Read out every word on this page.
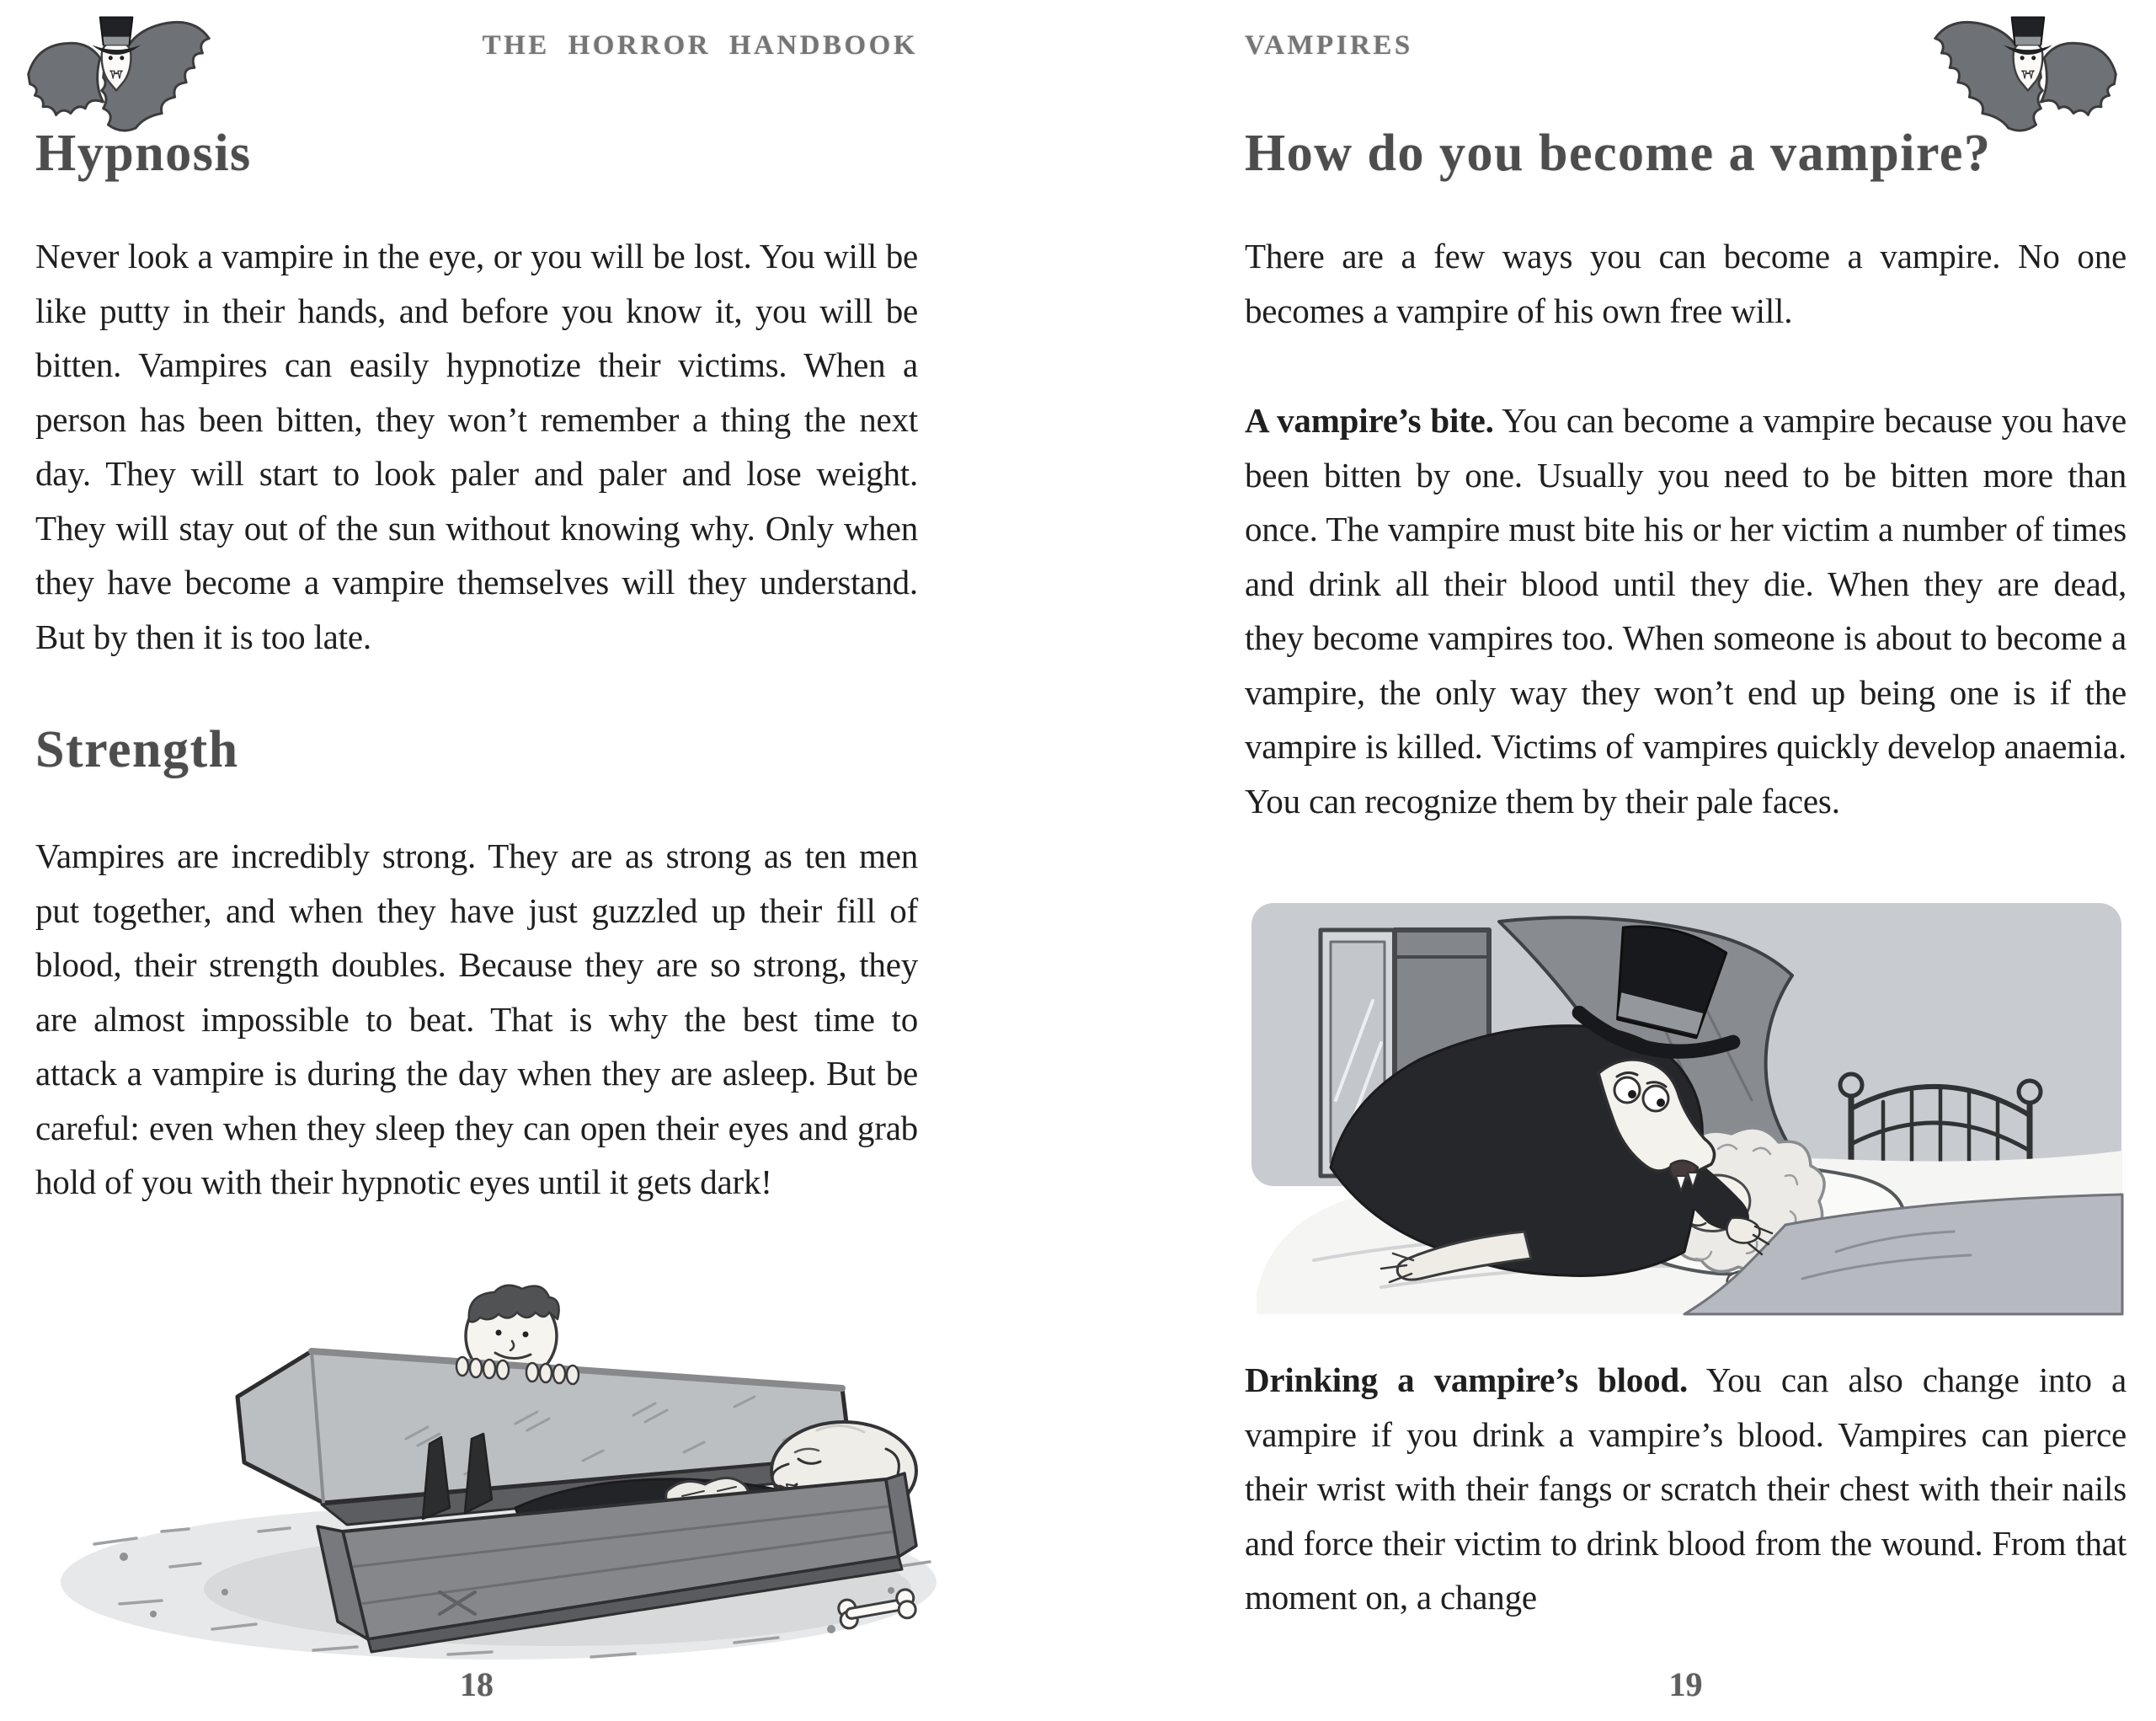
THE HORROR HANDBOOK
Hypnosis

Never look a vampire in the eye, or you will be lost. You will be like putty in their hands, and before you know it, you will be bitten. Vampires can easily hypnotize their victims. When a person has been bitten, they won’t remember a thing the next day. They will start to look paler and paler and lose weight. They will stay out of the sun without knowing why. Only when they have become a vampire themselves will they understand. But by then it is too late.

Strength

Vampires are incredibly strong. They are as strong as ten men put together, and when they have just guzzled up their fill of blood, their strength doubles. Because they are so strong, they are almost impossible to beat. That is why the best time to attack a vampire is during the day when they are asleep. But be careful: even when they sleep they can open their eyes and grab hold of you with their hypnotic eyes until it gets dark!

18
VAMPIRES
How do you become a vampire?

There are a few ways you can become a vampire. No one becomes a vampire of his own free will.

A vampire’s bite. You can become a vampire because you have been bitten by one. Usually you need to be bitten more than once. The vampire must bite his or her victim a number of times and drink all their blood until they die. When they are dead, they become vampires too. When someone is about to become a vampire, the only way they won’t end up being one is if the vampire is killed. Victims of vampires quickly develop anaemia. You can recognize them by their pale faces.

Drinking a vampire’s blood. You can also change into a vampire if you drink a vampire’s blood. Vampires can pierce their wrist with their fangs or scratch their chest with their nails and force their victim to drink blood from the wound. From that moment on, a change

19
